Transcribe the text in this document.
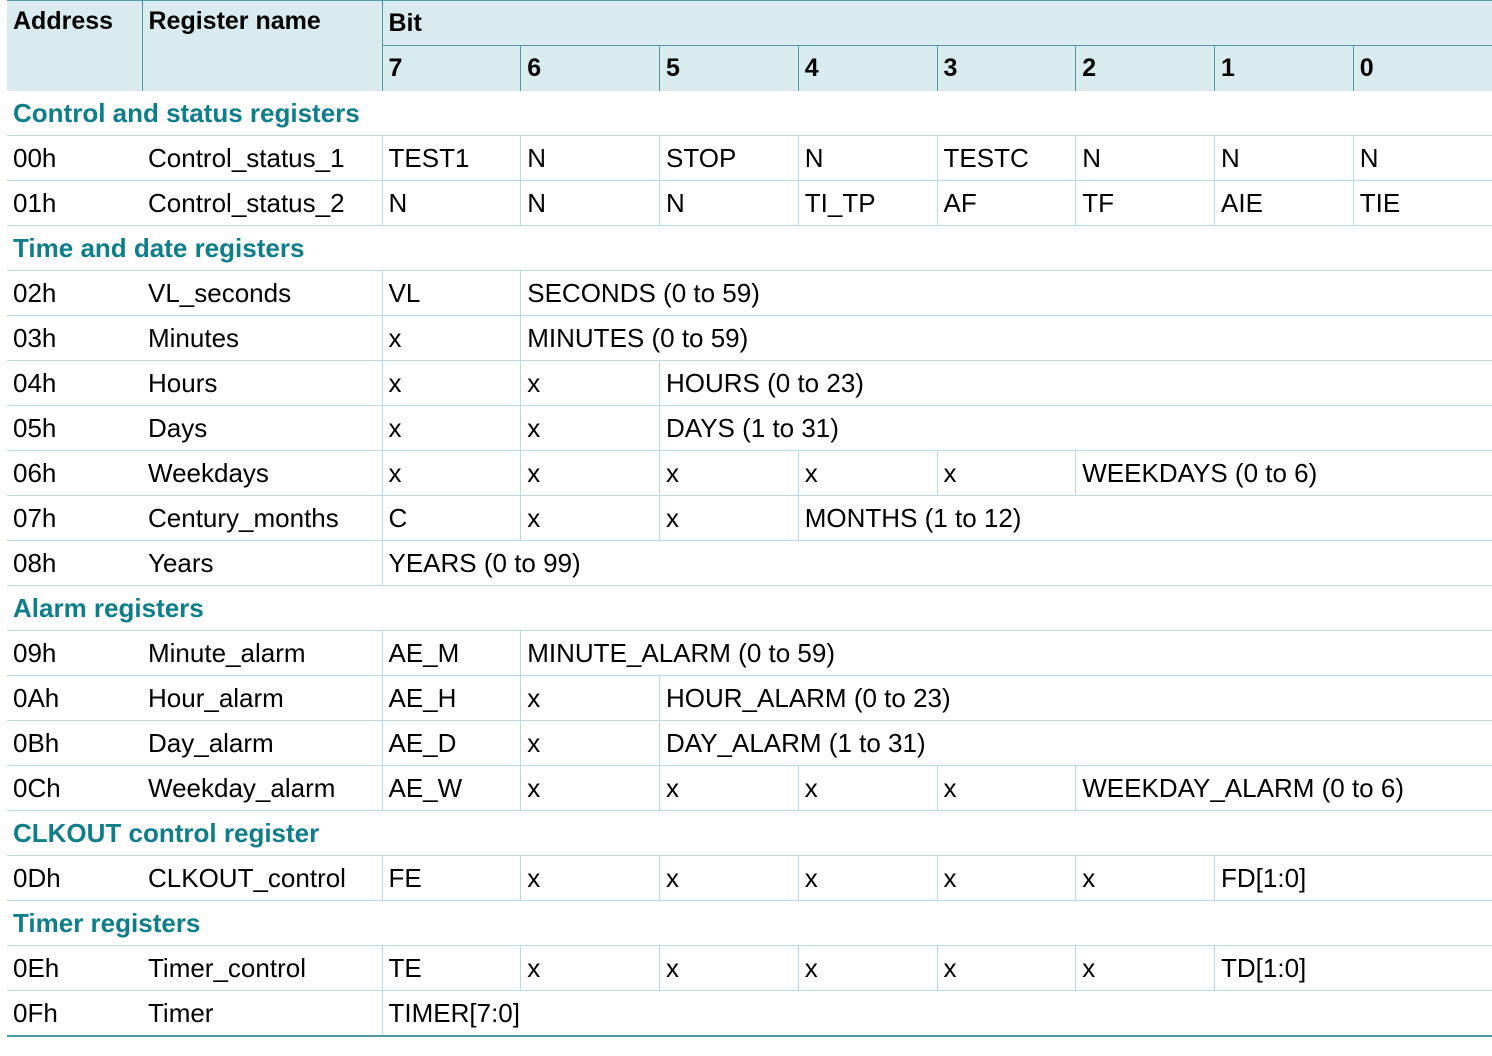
Address	Register name	Bit							
		7	6	5	4	3	2	1	0
Control and status registers									
00h	Control_status_1	TEST1	N	STOP	N	TESTC	N	N	N
01h	Control_status_2	N	N	N	TI_TP	AF	TF	AIE	TIE
Time and date registers									
02h	VL_seconds	VL	SECONDS (0 to 59)						
03h	Minutes	x	MINUTES (0 to 59)						
04h	Hours	x	x	HOURS (0 to 23)					
05h	Days	x	x	DAYS (1 to 31)					
06h	Weekdays	x	x	x	x	x	WEEKDAYS (0 to 6)		
07h	Century_months	C	x	x	MONTHS (1 to 12)				
08h	Years	YEARS (0 to 99)							
Alarm registers									
09h	Minute_alarm	AE_M	MINUTE_ALARM (0 to 59)						
0Ah	Hour_alarm	AE_H	x	HOUR_ALARM (0 to 23)					
0Bh	Day_alarm	AE_D	x	DAY_ALARM (1 to 31)					
0Ch	Weekday_alarm	AE_W	x	x	x	x	WEEKDAY_ALARM (0 to 6)		
CLKOUT control register									
0Dh	CLKOUT_control	FE	x	x	x	x	x	FD[1:0]	
Timer registers									
0Eh	Timer_control	TE	x	x	x	x	x	TD[1:0]	
0Fh	Timer	TIMER[7:0]							
